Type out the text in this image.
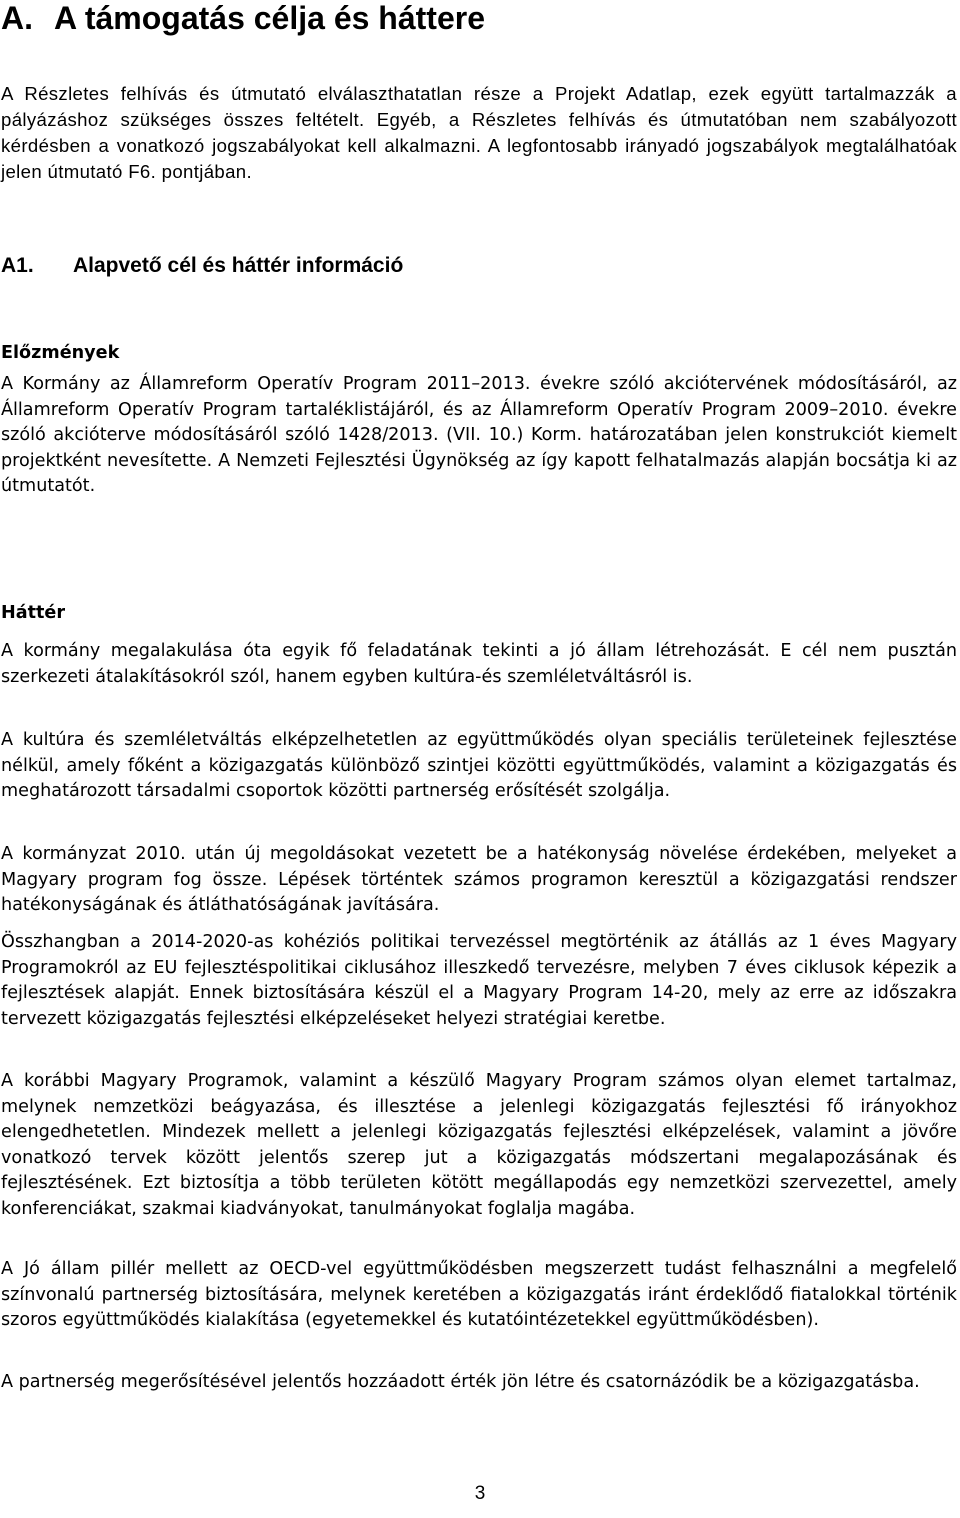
A. A támogatás célja és háttere

A Részletes felhívás és útmutató elválaszthatatlan része a Projekt Adatlap, ezek együtt tartalmazzák a pályázáshoz szükséges összes feltételt. Egyéb, a Részletes felhívás és útmutatóban nem szabályozott kérdésben a vonatkozó jogszabályokat kell alkalmazni. A legfontosabb irányadó jogszabályok megtalálhatóak jelen útmutató F6. pontjában.

A1. Alapvető cél és háttér információ
Előzmények

A Kormány az Államreform Operatív Program 2011–2013. évekre szóló akciótervének módosításáról, az Államreform Operatív Program tartaléklistájáról, és az Államreform Operatív Program 2009–2010. évekre szóló akcióterve módosításáról szóló 1428/2013. (VII. 10.) Korm. határozatában jelen konstrukciót kiemelt projektként nevesítette. A Nemzeti Fejlesztési Ügynökség az így kapott felhatalmazás alapján bocsátja ki az útmutatót.

Háttér

A kormány megalakulása óta egyik fő feladatának tekinti a jó állam létrehozását. E cél nem pusztán szerkezeti átalakításokról szól, hanem egyben kultúra-és szemléletváltásról is.

A kultúra és szemléletváltás elképzelhetetlen az együttműködés olyan speciális területeinek fejlesztése nélkül, amely főként a közigazgatás különböző szintjei közötti együttműködés, valamint a közigazgatás és meghatározott társadalmi csoportok közötti partnerség erősítését szolgálja.

A kormányzat 2010. után új megoldásokat vezetett be a hatékonyság növelése érdekében, melyeket a Magyary program fog össze. Lépések történtek számos programon keresztül a közigazgatási rendszer hatékonyságának és átláthatóságának javítására.

Összhangban a 2014-2020-as kohéziós politikai tervezéssel megtörténik az átállás az 1 éves Magyary Programokról az EU fejlesztéspolitikai ciklusához illeszkedő tervezésre, melyben 7 éves ciklusok képezik a fejlesztések alapját. Ennek biztosítására készül el a Magyary Program 14-20, mely az erre az időszakra tervezett közigazgatás fejlesztési elképzeléseket helyezi stratégiai keretbe.

A korábbi Magyary Programok, valamint a készülő Magyary Program számos olyan elemet tartalmaz, melynek nemzetközi beágyazása, és illesztése a jelenlegi közigazgatás fejlesztési fő irányokhoz elengedhetetlen. Mindezek mellett a jelenlegi közigazgatás fejlesztési elképzelések, valamint a jövőre vonatkozó tervek között jelentős szerep jut a közigazgatás módszertani megalapozásának és fejlesztésének. Ezt biztosítja a több területen kötött megállapodás egy nemzetközi szervezettel, amely konferenciákat, szakmai kiadványokat, tanulmányokat foglalja magába.

A Jó állam pillér mellett az OECD-vel együttműködésben megszerzett tudást felhasználni a megfelelő színvonalú partnerség biztosítására, melynek keretében a közigazgatás iránt érdeklődő fiatalokkal történik szoros együttműködés kialakítása (egyetemekkel és kutatóintézetekkel együttműködésben).

A partnerség megerősítésével jelentős hozzáadott érték jön létre és csatornázódik be a közigazgatásba.

3
